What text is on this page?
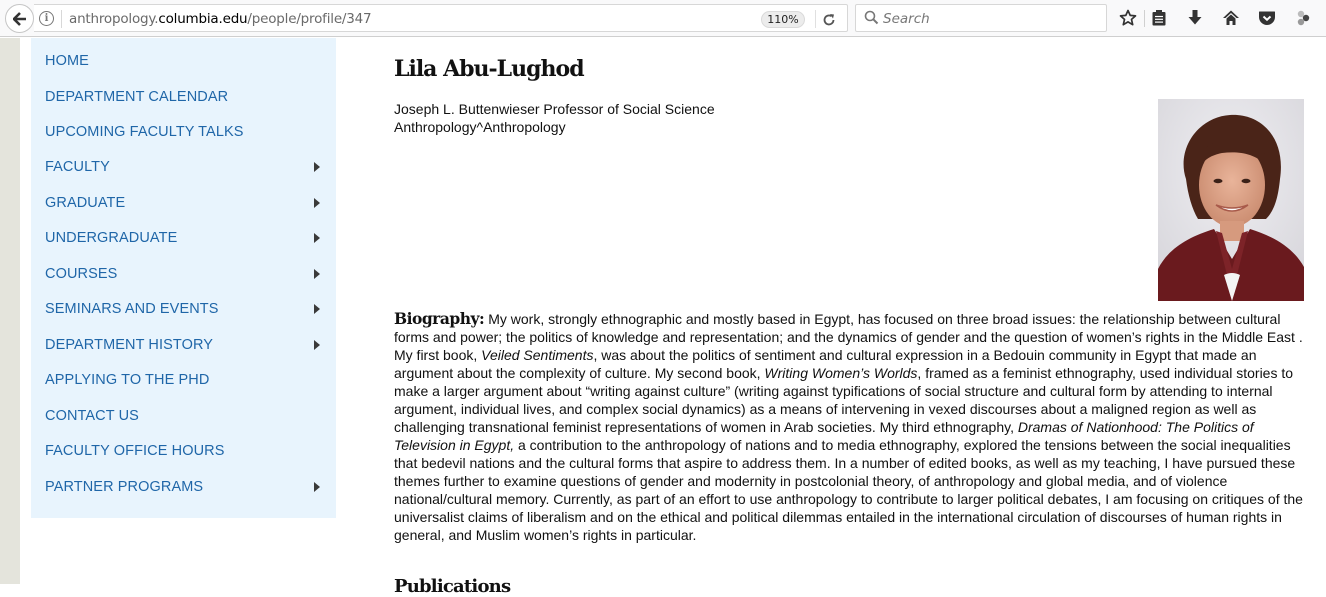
i	anthropology.columbia.edu/people/profile/347	110%	Search
HOME
DEPARTMENT CALENDAR
UPCOMING FACULTY TALKS
FACULTY
GRADUATE
UNDERGRADUATE
COURSES
SEMINARS AND EVENTS
DEPARTMENT HISTORY
APPLYING TO THE PHD
CONTACT US
FACULTY OFFICE HOURS
PARTNER PROGRAMS
Lila Abu-Lughod
Joseph L. Buttenwieser Professor of Social Science
Anthropology^Anthropology

Biography: My work, strongly ethnographic and mostly based in Egypt, has focused on three broad issues: the relationship between cultural forms and power; the politics of knowledge and representation; and the dynamics of gender and the question of women’s rights in the Middle East . My first book, Veiled Sentiments, was about the politics of sentiment and cultural expression in a Bedouin community in Egypt that made an argument about the complexity of culture. My second book, Writing Women’s Worlds, framed as a feminist ethnography, used individual stories to make a larger argument about “writing against culture” (writing against typifications of social structure and cultural form by attending to internal argument, individual lives, and complex social dynamics) as a means of intervening in vexed discourses about a maligned region as well as challenging transnational feminist representations of women in Arab societies. My third ethnography, Dramas of Nationhood: The Politics of Television in Egypt, a contribution to the anthropology of nations and to media ethnography, explored the tensions between the social inequalities that bedevil nations and the cultural forms that aspire to address them. In a number of edited books, as well as my teaching, I have pursued these themes further to examine questions of gender and modernity in postcolonial theory, of anthropology and global media, and of violence national/cultural memory. Currently, as part of an effort to use anthropology to contribute to larger political debates, I am focusing on critiques of the universalist claims of liberalism and on the ethical and political dilemmas entailed in the international circulation of discourses of human rights in general, and Muslim women’s rights in particular.

Publications
